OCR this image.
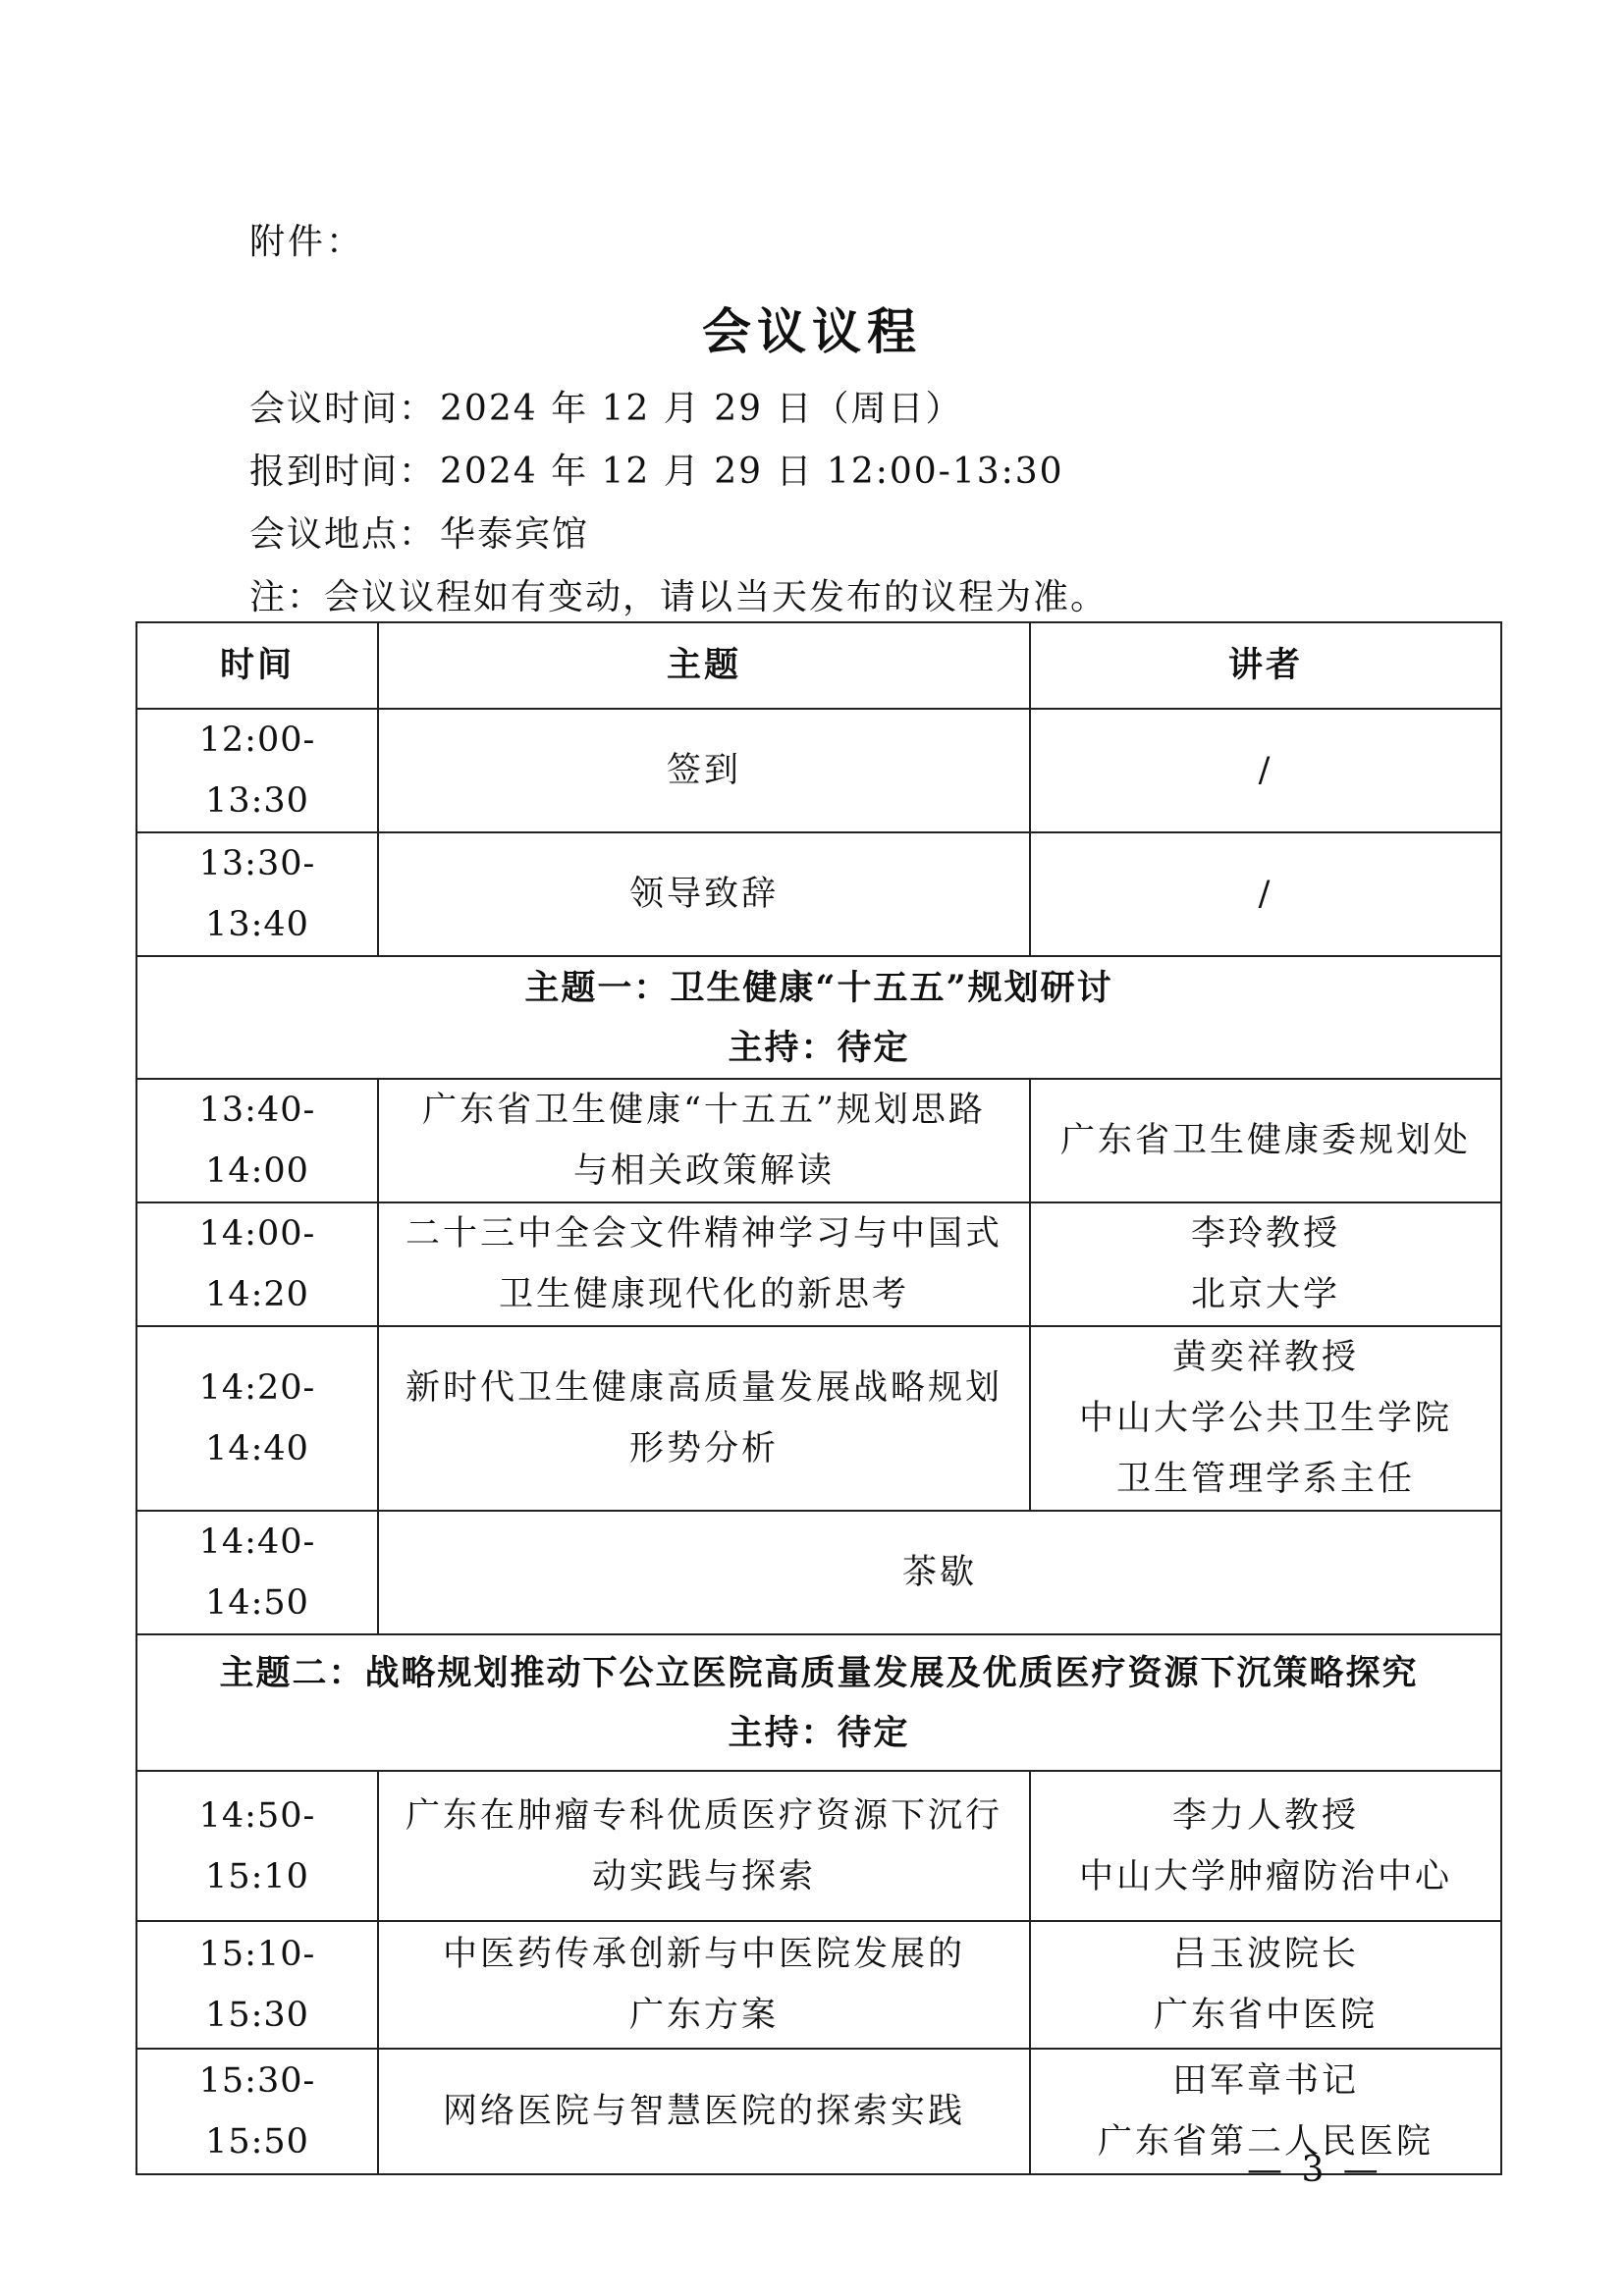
附件：
会议议程
会议时间： 2024 年 12 月 29 日（周日）
报到时间： 2024 年 12 月 29 日 12:00-13:30
会议地点： 华泰宾馆
注：会议议程如有变动，请以当天发布的议程为准。
时间	主题	讲者
12:00-13:30	签到	/

13:30-13:40	领导致辞	/

主题一：卫生健康“十五五”规划研讨
主持：待定		

13:40-14:00	广东省卫生健康“十五五”规划思路
与相关政策解读	广东省卫生健康委规划处

14:00-14:20	二十三中全会文件精神学习与中国式
卫生健康现代化的新思考	李玲教授
北京大学

14:20-14:40	新时代卫生健康高质量发展战略规划
形势分析	黄奕祥教授
中山大学公共卫生学院
卫生管理学系主任

14:40-14:50	茶歇	

主题二：战略规划推动下公立医院高质量发展及优质医疗资源下沉策略探究
主持：待定		

14:50-15:10	广东在肿瘤专科优质医疗资源下沉行
动实践与探索	李力人教授
中山大学肿瘤防治中心

15:10-15:30	中医药传承创新与中医院发展的
广东方案	吕玉波院长
广东省中医院

15:30-15:50	网络医院与智慧医院的探索实践	田军章书记
广东省第二人民医院
— 3 —
